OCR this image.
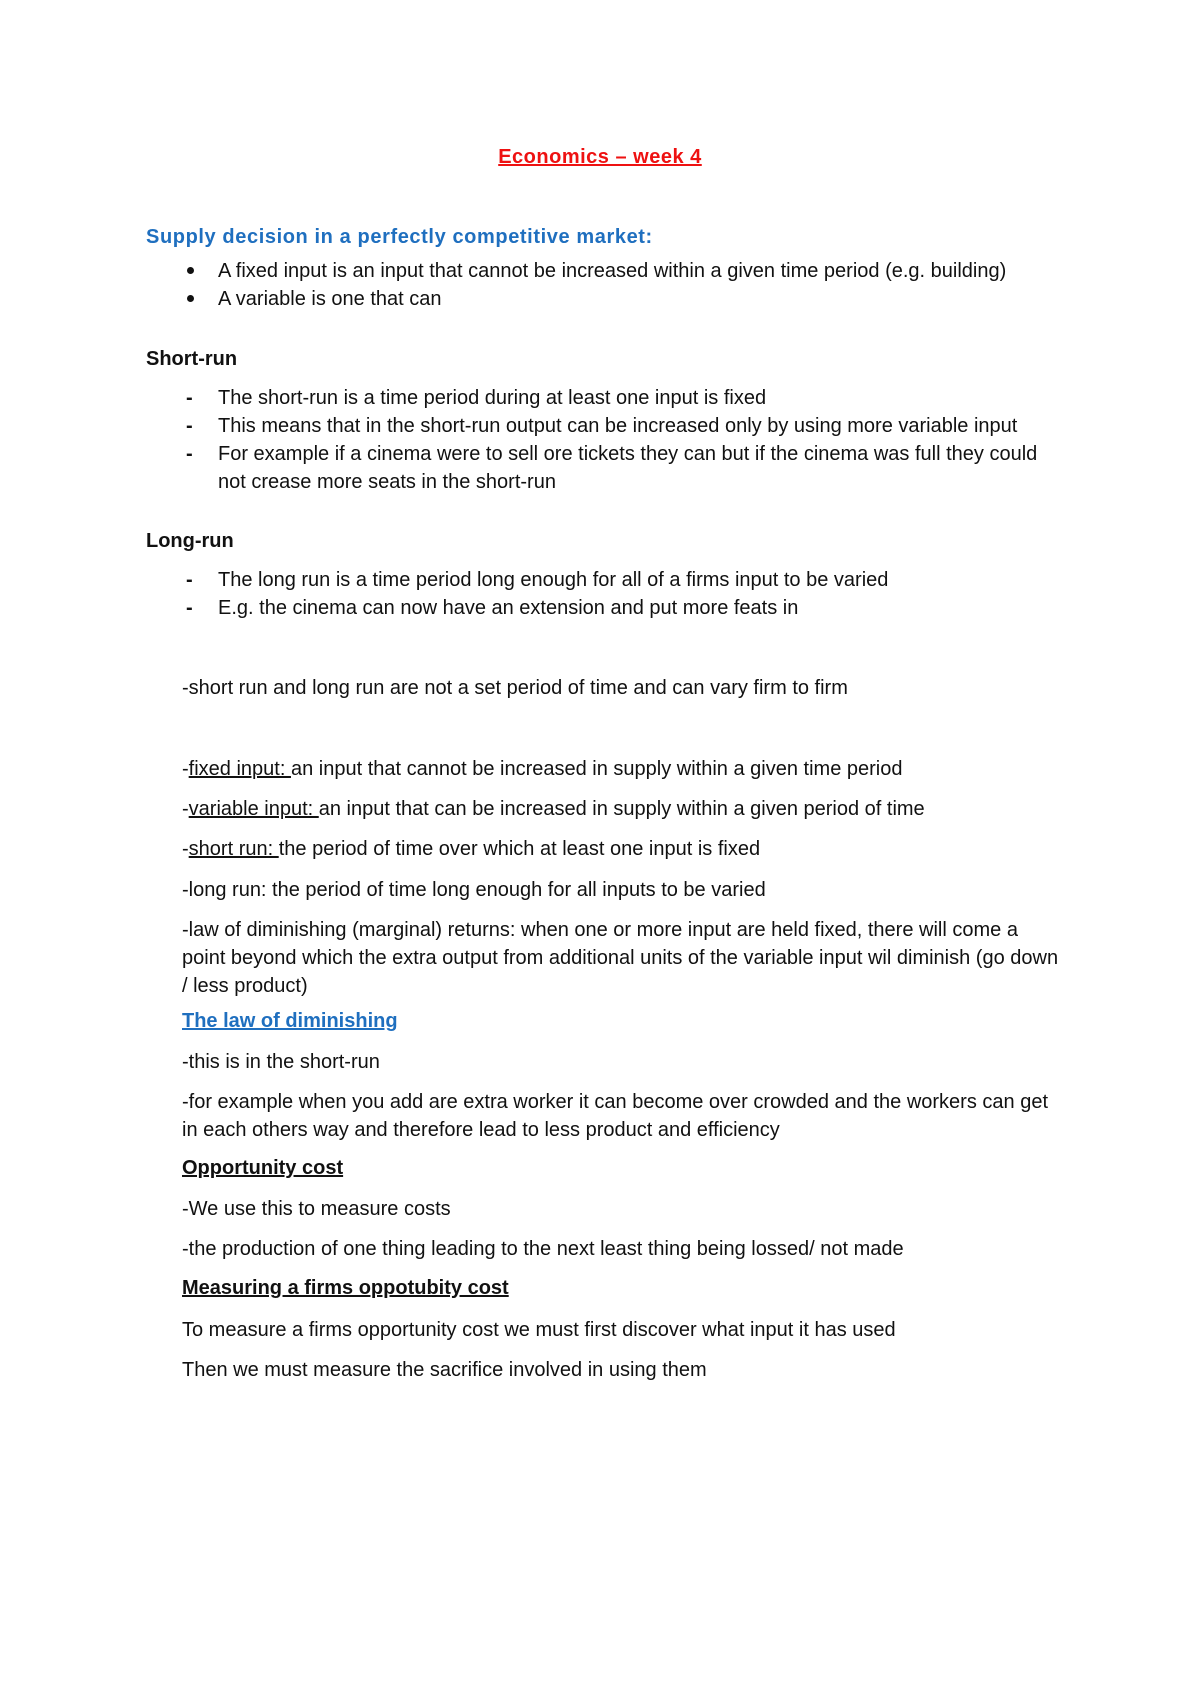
Economics – week 4
Supply decision in a perfectly competitive market:
A fixed input is an input that cannot be increased within a given time period (e.g. building)
A variable is one that can
Short-run
- The short-run is a time period during at least one input is fixed
- This means that in the short-run output can be increased only by using more variable input
- For example if a cinema were to sell ore tickets they can but if the cinema was full they could not crease more seats in the short-run
Long-run
- The long run is a time period long enough for all of a firms input to be varied
- E.g. the cinema can now have an extension and put more feats in
-short run and long run are not a set period of time and can vary firm to firm
-fixed input: an input that cannot be increased in supply within a given time period
-variable input: an input that can be increased in supply within a given period of time
-short run: the period of time over which at least one input is fixed
-long run: the period of time long enough for all inputs to be varied
-law of diminishing (marginal) returns: when one or more input are held fixed, there will come a point beyond which the extra output from additional units of the variable input wil diminish (go down / less product)
The law of diminishing
-this is in the short-run
-for example when you add are extra worker it can become over crowded and the workers can get in each others way and therefore lead to less product and efficiency
Opportunity cost
-We use this to measure costs
-the production of one thing leading to the next least thing being lossed/ not made
Measuring a firms oppotubity cost
To measure a firms opportunity cost we must first discover what input it has used
Then we must measure the sacrifice involved in using them
